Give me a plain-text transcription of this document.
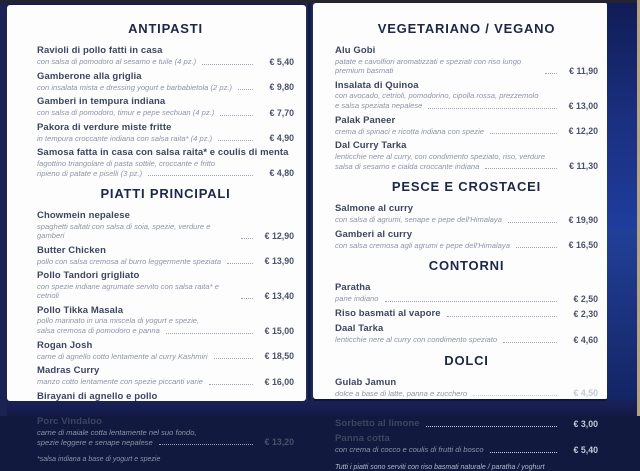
ANTIPASTI
Ravioli di pollo fatti in casa
con salsa di pomodoro al sesamo e tuile (4 pz.)	€ 5,40
Gamberone alla griglia
con insalata mista e dressing yogurt e barbabietola (2 pz.)	€ 9,80
Gamberi in tempura indiana
con salsa di pomodoro, timur e pepe sechuan (4 pz.)	€ 7,70
Pakora di verdure miste fritte
in tempura croccante indiana con salsa raita* (4 pz.)	€ 4,90
Samosa fatta in casa con salsa raita* e coulis di menta
fagottino triangolare di pasta sottile, croccante e fritto
ripieno di patate e piselli (3 pz.)	€ 4,80
PIATTI PRINCIPALI
Chowmein nepalese
spaghetti saltati con salsa di soia, spezie, verdure e gamberi	€ 12,90
Butter Chicken
pollo con salsa cremosa al burro leggermente speziata	€ 13,90
Pollo Tandori grigliato
con spezie indiane agrumate servito con salsa raita* e cetrioli	€ 13,40
Pollo Tikka Masala
pollo marinato in una miscela di yogurt e spezie,
salsa cremosa di pomodoro e panna	€ 15,00
Rogan Josh
carne di agnello cotto lentamente al curry Kashmiri	€ 18,50
Madras Curry
manzo cotto lentamente con spezie piccanti varie	€ 16,00
Birayani di agnello e pollo
Porc Vindaloo
carne di maiale cotta lentamente nel suo fondo,
spezie leggere e senape nepalese	€ 13,20
*salsa indiana a base di yogurt e spezie
VEGETARIANO / VEGANO
Alu Gobi
patate e cavolfiori aromatizzati e speziati con riso lungo premium basmati	€ 11,90
Insalata di Quinoa
con avocado, cetrioli, pomodorino, cipolla rossa, prezzemolo
e salsa speziata nepalese	€ 13,00
Palak Paneer
crema di spinaci e ricotta indiana con spezie	€ 12,20
Dal Curry Tarka
lenticchie nere al curry, con condimento speziato, riso, verdure
salsa di sesamo e cialda croccante indiana	€ 11,30
PESCE E CROSTACEI
Salmone al curry
con salsa di agrumi, senape e pepe dell'Himalaya	€ 19,90
Gamberi al curry
con salsa cremosa agli agrumi e pepe dell'Himalaya	€ 16,50
CONTORNI
Paratha
pane indiano	€ 2,50
Riso basmati al vapore	€ 2,30
Daal Tarka
lenticchie nere al curry con condimento speziato	€ 4,60
DOLCI
Gulab Jamun
dolce a base di latte, panna e zucchero	€ 4,50
Sorbetto al limone	€ 3,00
Panna cotta
con crema di cocco e coulis di frutti di bosco	€ 5,40
Tutti i piatti sono serviti con riso basmati naturale / paratha / yoghurt
